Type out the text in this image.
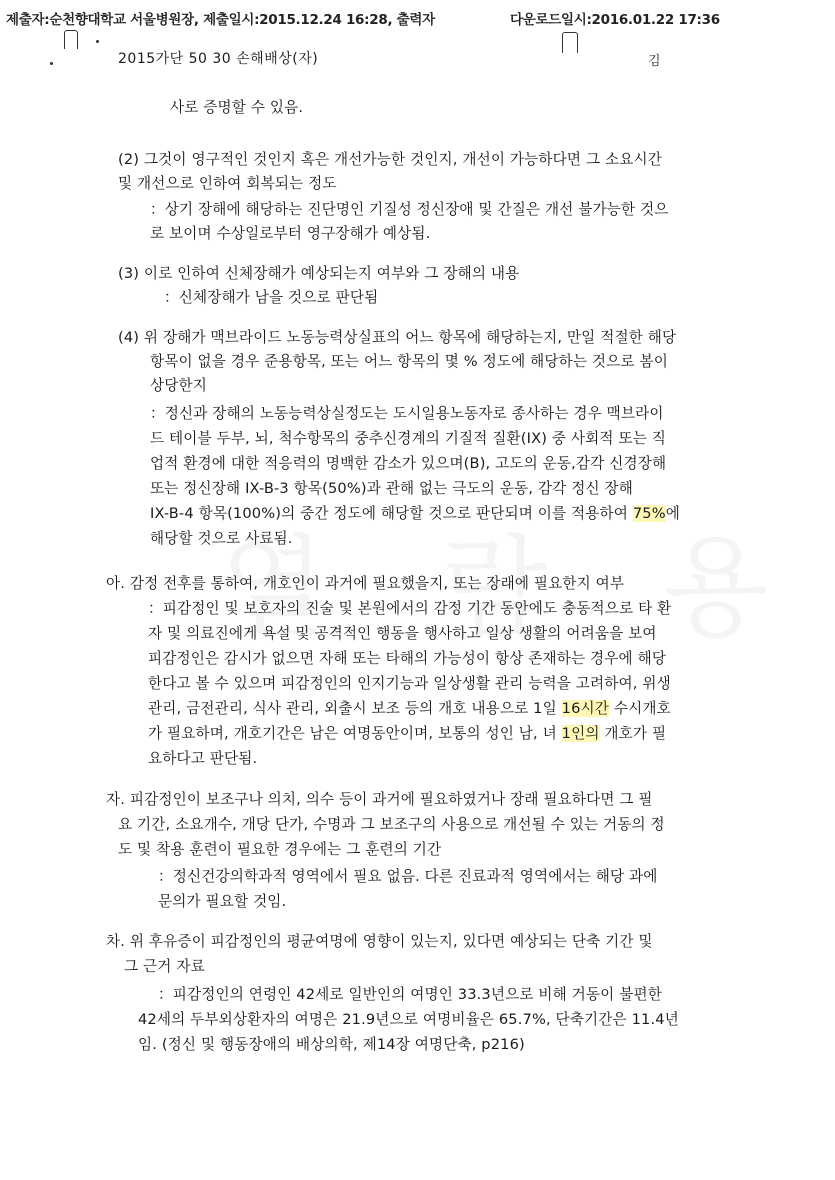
제출자:순천향대학교 서울병원장, 제출일시:2015.12.24 16:28, 출력자	다운로드일시:2016.01.22 17:36
2015가단 50 30 손해배상(자)	김
사로 증명할 수 있음.
(2) 그것이 영구적인 것인지 혹은 개선가능한 것인지, 개선이 가능하다면 그 소요시간
및 개선으로 인하여 회복되는 정도
：상기 장해에 해당하는 진단명인 기질성 정신장애 및 간질은 개선 불가능한 것으
로 보이며 수상일로부터 영구장해가 예상됨.
(3) 이로 인하여 신체장해가 예상되는지 여부와 그 장해의 내용
：신체장해가 남을 것으로 판단됨
(4) 위 장해가 맥브라이드 노동능력상실표의 어느 항목에 해당하는지, 만일 적절한 해당
항목이 없을 경우 준용항목, 또는 어느 항목의 몇 % 정도에 해당하는 것으로 봄이
상당한지
：정신과 장해의 노동능력상실정도는 도시일용노동자로 종사하는 경우 맥브라이
드 테이블 두부, 뇌, 척수항목의 중추신경계의 기질적 질환(IX) 중 사회적 또는 직
업적 환경에 대한 적응력의 명백한 감소가 있으며(B), 고도의 운동,감각 신경장해
또는 정신장해 IX-B-3 항목(50%)과 관해 없는 극도의 운동, 감각 정신 장해
IX-B-4 항목(100%)의 중간 정도에 해당할 것으로 판단되며 이를 적용하여 75%에
해당할 것으로 사료됨.
아. 감정 전후를 통하여, 개호인이 과거에 필요했을지, 또는 장래에 필요한지 여부
：피감정인 및 보호자의 진술 및 본원에서의 감정 기간 동안에도 충동적으로 타 환
자 및 의료진에게 욕설 및 공격적인 행동을 행사하고 일상 생활의 어려움을 보여
피감정인은 감시가 없으면 자해 또는 타해의 가능성이 항상 존재하는 경우에 해당
한다고 볼 수 있으며 피감정인의 인지기능과 일상생활 관리 능력을 고려하여, 위생
관리, 금전관리, 식사 관리, 외출시 보조 등의 개호 내용으로 1일 16시간 수시개호
가 필요하며, 개호기간은 남은 여명동안이며, 보통의 성인 남, 녀 1인의 개호가 필
요하다고 판단됨.
자. 피감정인이 보조구나 의치, 의수 등이 과거에 필요하였거나 장래 필요하다면 그 필
요 기간, 소요개수, 개당 단가, 수명과 그 보조구의 사용으로 개선될 수 있는 거동의 정
도 및 착용 훈련이 필요한 경우에는 그 훈련의 기간
：정신건강의학과적 영역에서 필요 없음. 다른 진료과적 영역에서는 해당 과에
문의가 필요할 것임.
차. 위 후유증이 피감정인의 평균여명에 영향이 있는지, 있다면 예상되는 단축 기간 및
그 근거 자료
：피감정인의 연령인 42세로 일반인의 여명인 33.3년으로 비해 거동이 불편한
42세의 두부외상환자의 여명은 21.9년으로 여명비율은 65.7%, 단축기간은 11.4년
임. (정신 및 행동장애의 배상의학, 제14장 여명단축, p216)
